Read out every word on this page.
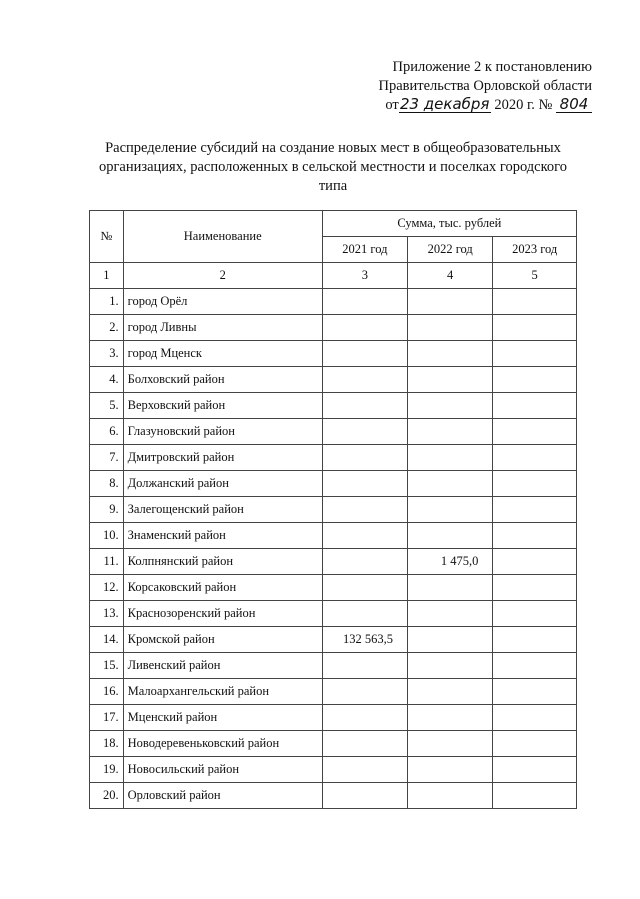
Приложение 2 к постановлению
Правительства Орловской области
от23 декабря 2020 г. № 804
Распределение субсидий на создание новых мест в общеобразовательных организациях, расположенных в сельской местности и поселках городского типа
№	Наименование	Сумма, тыс. рублей		
		2021 год	2022 год	2023 год
1	2	3	4	5
1.	город Орёл			
2.	город Ливны			
3.	город Мценск			
4.	Болховский район			
5.	Верховский район			
6.	Глазуновский район			
7.	Дмитровский район			
8.	Должанский район			
9.	Залегощенский район			
10.	Знаменский район			
11.	Колпнянский район		1 475,0	
12.	Корсаковский район			
13.	Краснозоренский район			
14.	Кромской район	132 563,5		
15.	Ливенский район			
16.	Малоархангельский район			
17.	Мценский район			
18.	Новодеревеньковский район			
19.	Новосильский район			
20.	Орловский район			
